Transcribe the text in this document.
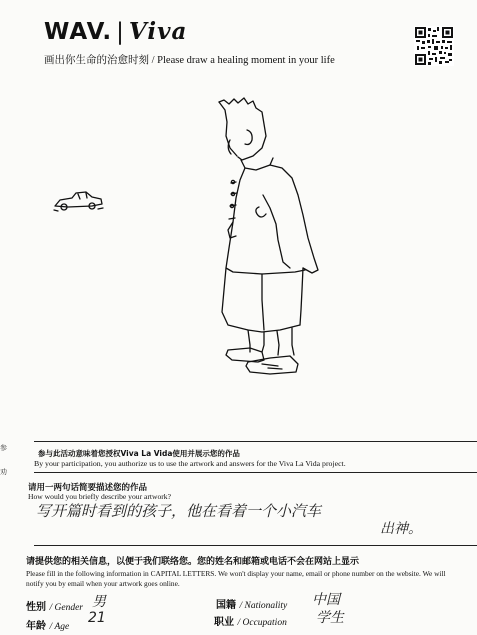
WAV. | Viva
画出你生命的治愈时刻 / Please draw a healing moment in your life
参
劝
参与此活动意味着您授权Viva La Vida使用并展示您的作品
By your participation, you authorize us to use the artwork and answers for the Viva La Vida project.
请用一两句话简要描述您的作品
How would you briefly describe your artwork?
写开篇时看到的孩子，他在看着一个小汽车
出神。
请提供您的相关信息，以便于我们联络您。您的姓名和邮箱或电话不会在网站上显示
Please fill in the following information in CAPITAL LETTERS. We won't display your name, email or phone number on the website. We will
notify you by email when your artwork goes online.
性别 / Gender 男
年龄 / Age
21
国籍 / Nationality 中国
职业 / Occupation 学生
